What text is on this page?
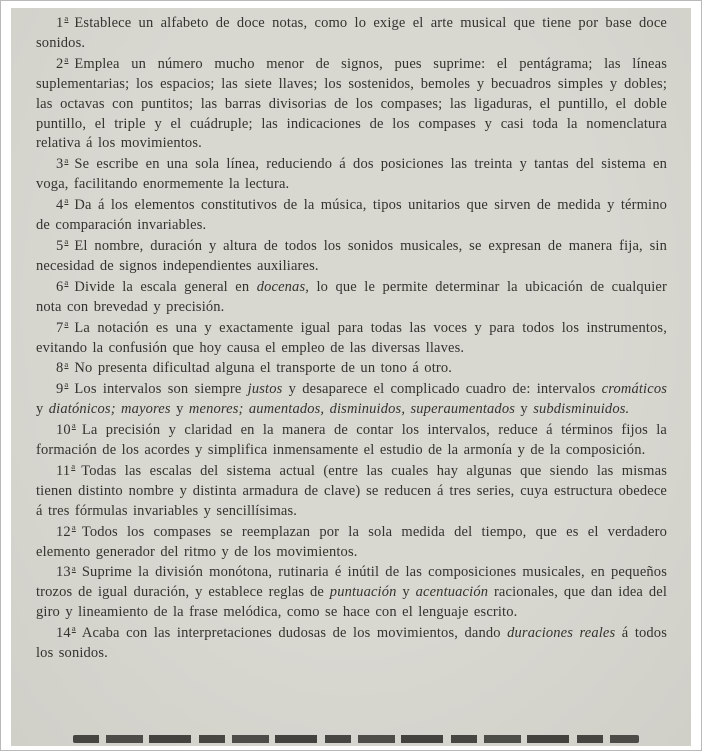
1$^a$ Establece un alfabeto de doce notas, como lo exige el arte musical que tiene por base doce sonidos.

2$^a$ Emplea un número mucho menor de signos, pues suprime: el pentágrama; las líneas suplementarias; los espacios; las siete llaves; los sostenidos, bemoles y becuadros simples y dobles; las octavas con puntitos; las barras divisorias de los compases; las ligaduras, el puntillo, el doble puntillo, el triple y el cuádruple; las indicaciones de los compases y casi toda la nomenclatura relativa á los movimientos.

3$^a$ Se escribe en una sola línea, reduciendo á dos posiciones las treinta y tantas del sistema en voga, facilitando enormemente la lectura.

4$^a$ Da á los elementos constitutivos de la música, tipos unitarios que sirven de medida y término de comparación invariables.

5$^a$ El nombre, duración y altura de todos los sonidos musicales, se expresan de manera fija, sin necesidad de signos independientes auxiliares.

6$^a$ Divide la escala general en docenas, lo que le permite determinar la ubicación de cualquier nota con brevedad y precisión.

7$^a$ La notación es una y exactamente igual para todas las voces y para todos los instrumentos, evitando la confusión que hoy causa el empleo de las diversas llaves.

8$^a$ No presenta dificultad alguna el transporte de un tono á otro.

9$^a$ Los intervalos son siempre justos y desaparece el complicado cuadro de: intervalos cromáticos y diatónicos; mayores y menores; aumentados, disminuidos, superaumentados y subdisminuidos.

10$^a$ La precisión y claridad en la manera de contar los intervalos, reduce á términos fijos la formación de los acordes y simplifica inmensamente el estudio de la armonía y de la composición.

11$^a$ Todas las escalas del sistema actual (entre las cuales hay algunas que siendo las mismas tienen distinto nombre y distinta armadura de clave) se reducen á tres series, cuya estructura obedece á tres fórmulas invariables y sencillísimas.

12$^a$ Todos los compases se reemplazan por la sola medida del tiempo, que es el verdadero elemento generador del ritmo y de los movimientos.

13$^a$ Suprime la división monótona, rutinaria é inútil de las composiciones musicales, en pequeños trozos de igual duración, y establece reglas de puntuación y acentuación racionales, que dan idea del giro y lineamiento de la frase melódica, como se hace con el lenguaje escrito.

14$^a$ Acaba con las interpretaciones dudosas de los movimientos, dando duraciones reales á todos los sonidos.
